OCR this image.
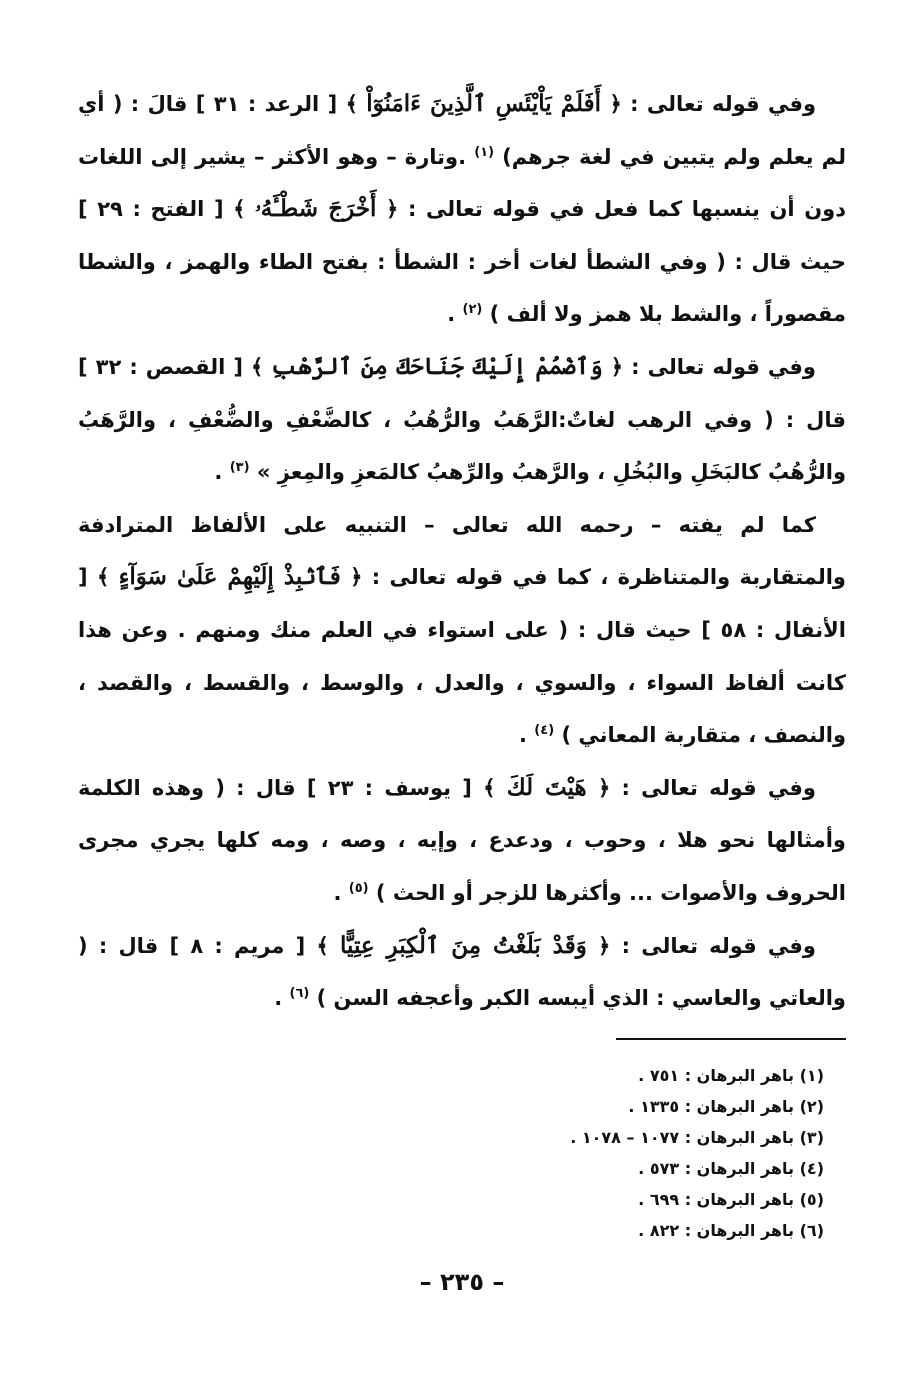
وفي قوله تعالى : ﴿ أَفَلَمْ يَاْيْئَسِ ٱلَّذِينَ ءَامَنُوٓاْ ﴾ [ الرعد : ٣١ ] قالَ : ( أي لم يعلم ولم يتبين في لغة جرهم) $^{(١)}$ .وتارة – وهو الأكثر – يشير إلى اللغات دون أن ينسبها كما فعل في قوله تعالى : ﴿ أَخْرَجَ شَطْـَٔهُۥ ﴾ [ الفتح : ٢٩ ] حيث قال : ( وفي الشطأ لغات أخر : الشطأ : بفتح الطاء والهمز ، والشطا مقصوراً ، والشط بلا همز ولا ألف ) $^{(٢)}$ .

وفي قوله تعالى : ﴿ وَٱضْمُمْ إِلَيْكَ جَنَاحَكَ مِنَ ٱلرَّهْبِ ﴾ [ القصص : ٣٢ ] قال : ( وفي الرهب لغاتٌ:الرَّهَبُ والرُّهُبُ ، كالضَّعْفِ والضُّعْفِ ، والرَّهَبُ والرُّهُبُ كالبَخَلِ والبُخُلِ ، والرَّهبُ والرِّهبُ كالمَعزِ والمِعزِ » $^{(٣)}$ .

كما لم يفته – رحمه الله تعالى – التنبيه على الألفاظ المترادفة والمتقاربة والمتناظرة ، كما في قوله تعالى : ﴿ فَٱنۢبِذْ إِلَيْهِمْ عَلَىٰ سَوَآءٍ ﴾ [ الأنفال : ٥٨ ] حيث قال : ( على استواء في العلم منك ومنهم . وعن هذا كانت ألفاظ السواء ، والسوي ، والعدل ، والوسط ، والقسط ، والقصد ، والنصف ، متقاربة المعاني ) $^{(٤)}$ .

وفي قوله تعالى : ﴿ هَيْتَ لَكَ ﴾ [ يوسف : ٢٣ ] قال : ( وهذه الكلمة وأمثالها نحو هلا ، وحوب ، ودعدع ، وإيه ، وصه ، ومه كلها يجري مجرى الحروف والأصوات ... وأكثرها للزجر أو الحث ) $^{(٥)}$ .

وفي قوله تعالى : ﴿ وَقَدْ بَلَغْتُ مِنَ ٱلْكِبَرِ عِتِيًّا ﴾ [ مريم : ٨ ] قال : ( والعاتي والعاسي : الذي أيبسه الكبر وأعجفه السن ) $^{(٦)}$ .

(١) باهر البرهان : ٧٥١ .
(٢) باهر البرهان : ١٣٣٥ .
(٣) باهر البرهان : ١٠٧٧ – ١٠٧٨ .
(٤) باهر البرهان : ٥٧٣ .
(٥) باهر البرهان : ٦٩٩ .
(٦) باهر البرهان : ٨٢٢ .
– ٢٣٥ –
